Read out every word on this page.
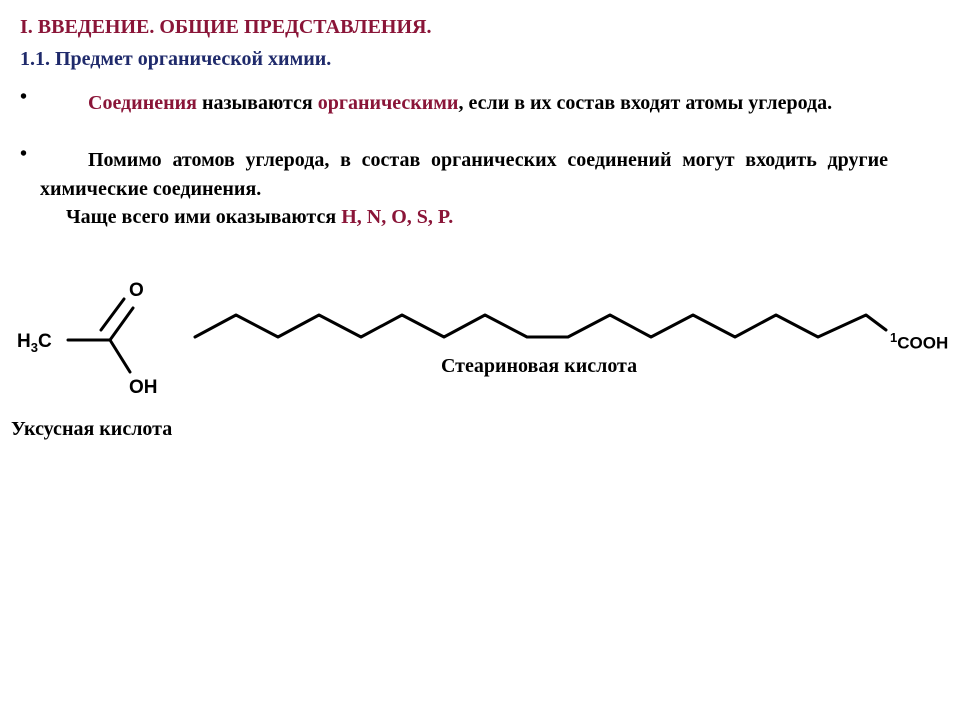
I. ВВЕДЕНИЕ. ОБЩИЕ ПРЕДСТАВЛЕНИЯ.
1.1. Предмет органической химии.
•	Соединения называются органическими, если в их состав входят атомы углерода.
•	Помимо атомов углерода, в состав органических соединений могут входить другие химические соединения.
Чаще всего ими оказываются H, N, O, S, P.
O
$H_3C$
OH
$^1$COOH
Стеариновая кислота
Уксусная кислота
